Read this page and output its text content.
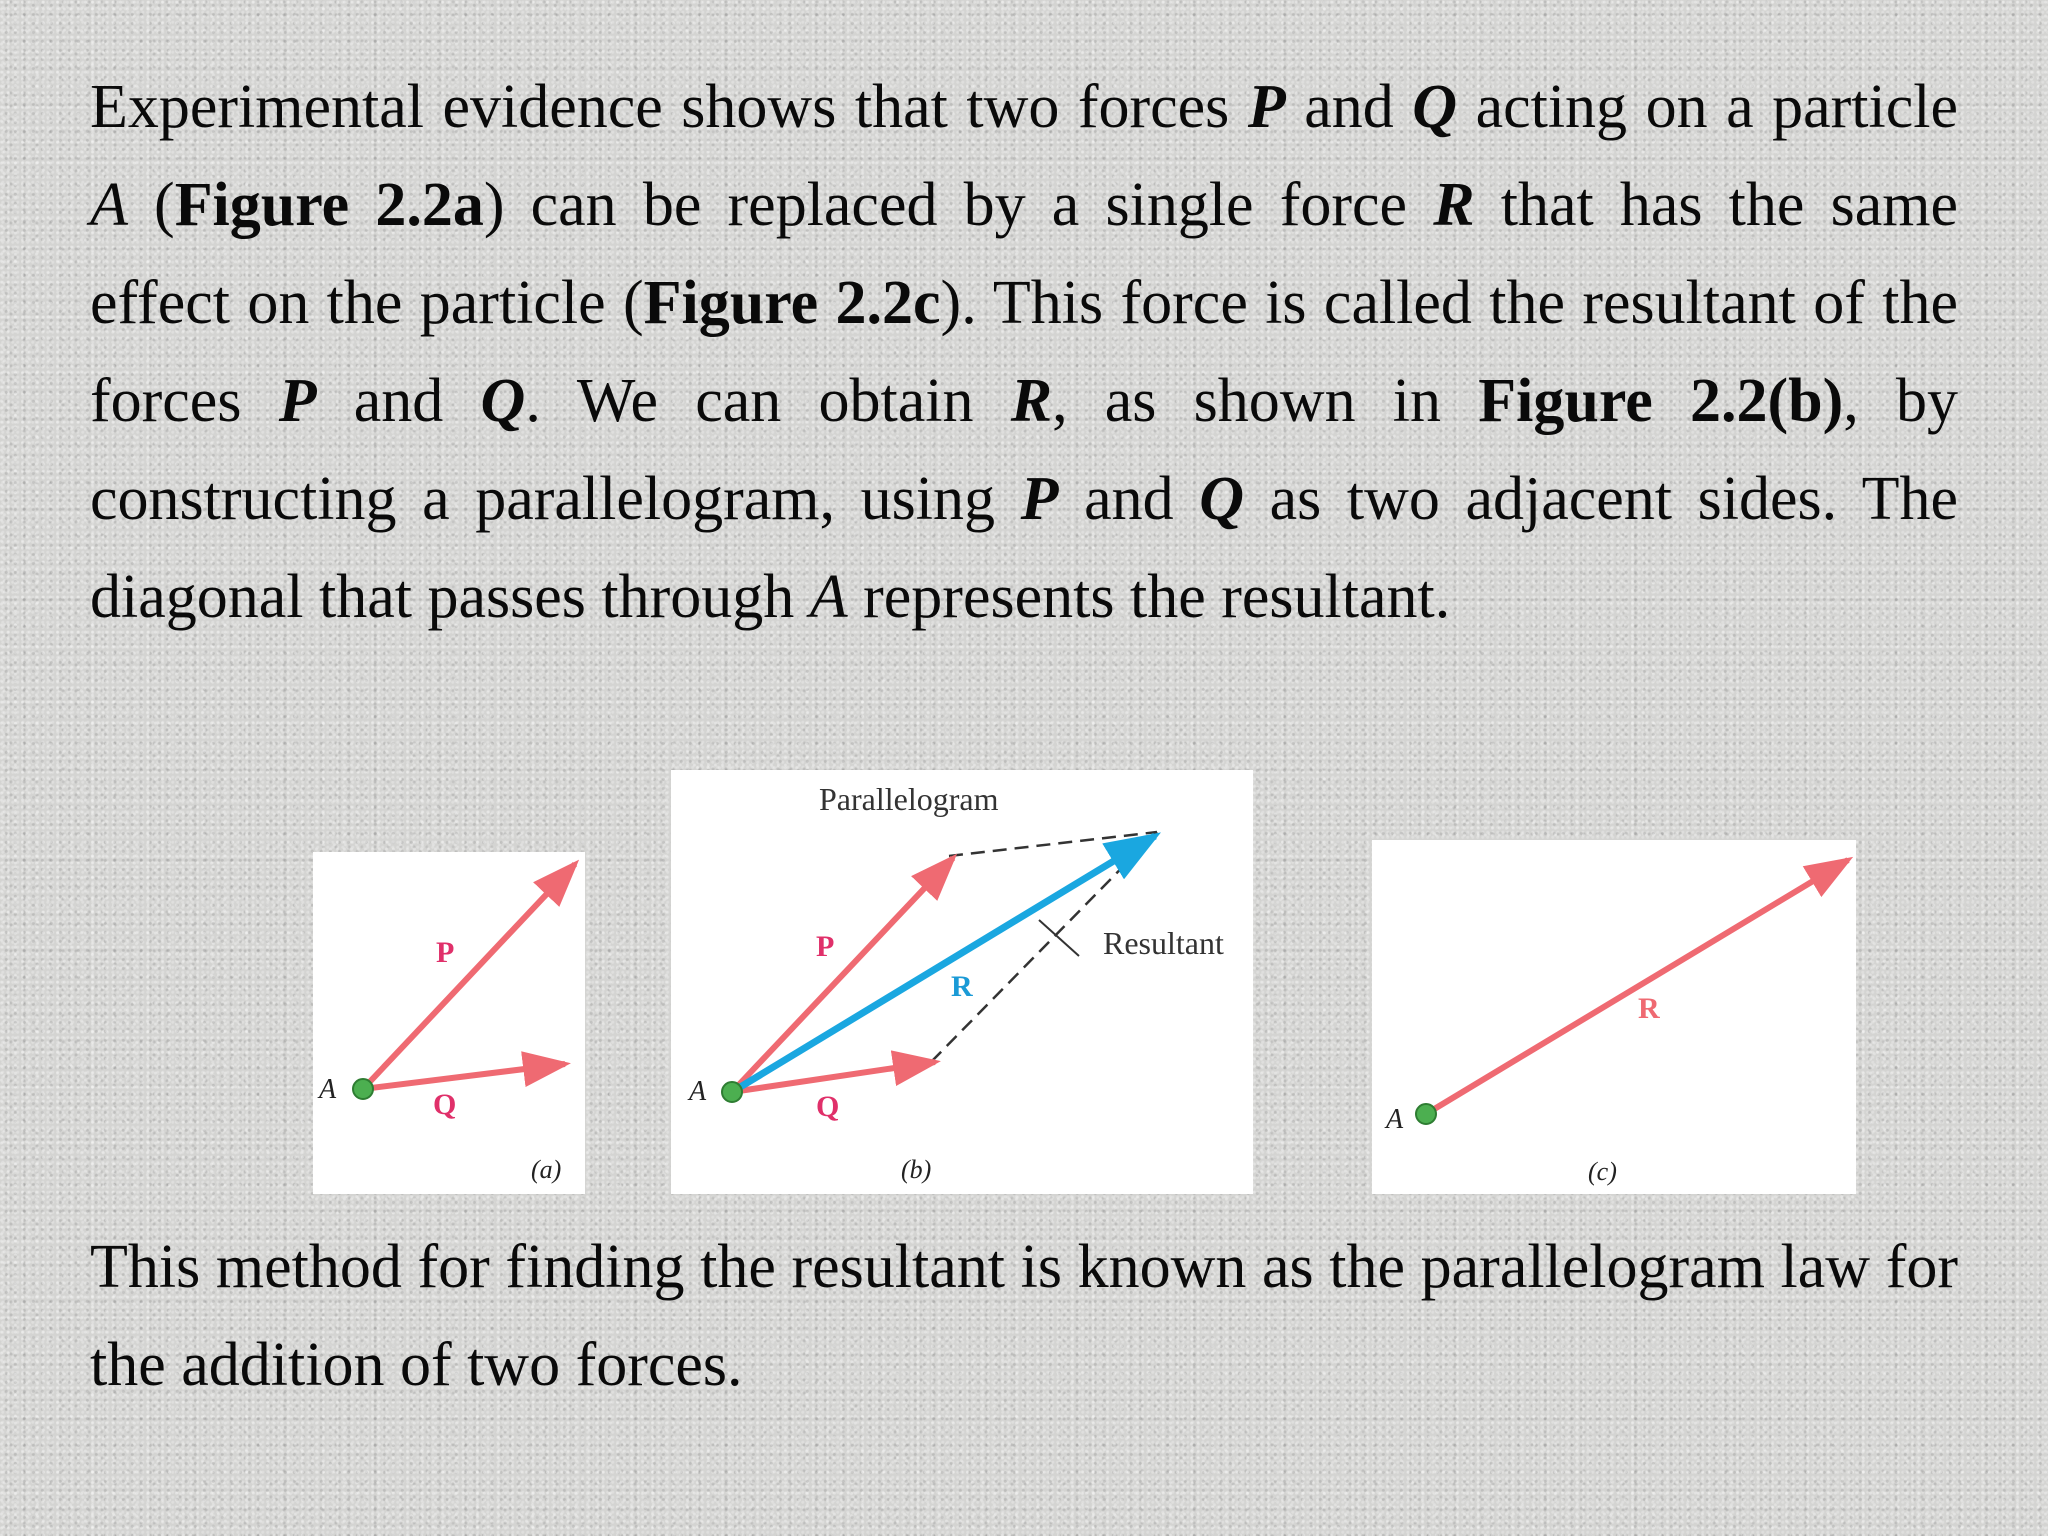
Experimental evidence shows that two forces P and Q acting on a particle A (Figure 2.2a) can be replaced by a single force R that has the same effect on the particle (Figure 2.2c). This force is called the resultant of the forces P and Q. We can obtain R, as shown in Figure 2.2(b), by constructing a parallelogram, using P and Q as two adjacent sides. The diagonal that passes through A represents the resultant.

P
Q
A
(a)
Parallelogram
P
Q
R
A
Resultant
(b)
R
A
(c)

This method for finding the resultant is known as the parallelogram law for the addition of two forces.
